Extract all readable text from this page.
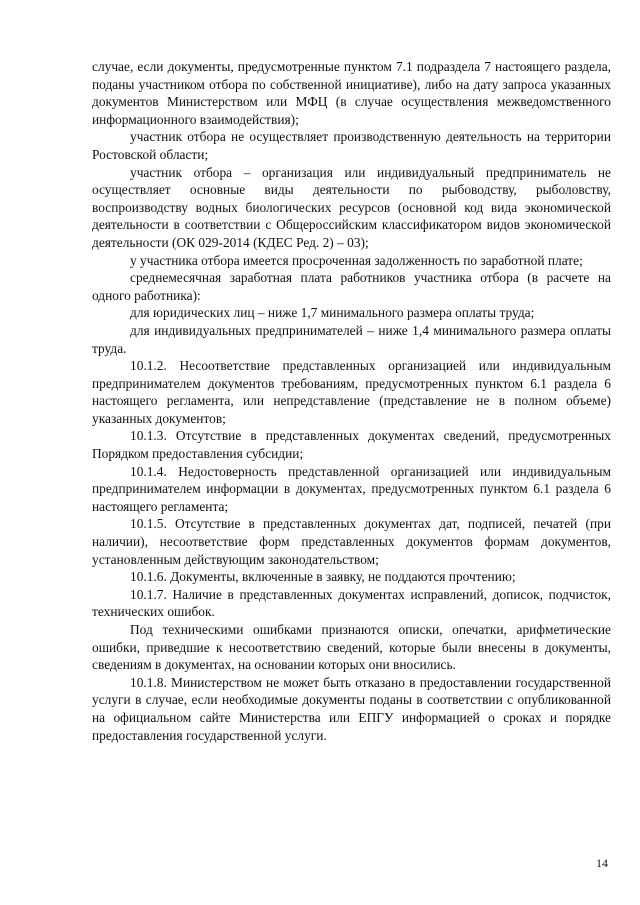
случае, если документы, предусмотренные пунктом 7.1 подраздела 7 настоящего раздела, поданы участником отбора по собственной инициативе), либо на дату запроса указанных документов Министерством или МФЦ (в случае осуществления межведомственного информационного взаимодействия);

участник отбора не осуществляет производственную деятельность на территории Ростовской области;

участник отбора – организация или индивидуальный предприниматель не осуществляет основные виды деятельности по рыбоводству, рыболовству, воспроизводству водных биологических ресурсов (основной код вида экономической деятельности в соответствии с Общероссийским классификатором видов экономической деятельности (ОК 029-2014 (КДЕС Ред. 2) – 03);

у участника отбора имеется просроченная задолженность по заработной плате;

среднемесячная заработная плата работников участника отбора (в расчете на одного работника):

для юридических лиц – ниже 1,7 минимального размера оплаты труда;

для индивидуальных предпринимателей – ниже 1,4 минимального размера оплаты труда.

10.1.2. Несоответствие представленных организацией или индивидуальным предпринимателем документов требованиям, предусмотренных пунктом 6.1 раздела 6 настоящего регламента, или непредставление (представление не в полном объеме) указанных документов;

10.1.3. Отсутствие в представленных документах сведений, предусмотренных Порядком предоставления субсидии;

10.1.4. Недостоверность представленной организацией или индивидуальным предпринимателем информации в документах, предусмотренных пунктом 6.1 раздела 6 настоящего регламента;

10.1.5. Отсутствие в представленных документах дат, подписей, печатей (при наличии), несоответствие форм представленных документов формам документов, установленным действующим законодательством;

10.1.6. Документы, включенные в заявку, не поддаются прочтению;

10.1.7. Наличие в представленных документах исправлений, дописок, подчисток, технических ошибок.

Под техническими ошибками признаются описки, опечатки, арифметические ошибки, приведшие к несоответствию сведений, которые были внесены в документы, сведениям в документах, на основании которых они вносились.

10.1.8. Министерством не может быть отказано в предоставлении государственной услуги в случае, если необходимые документы поданы в соответствии с опубликованной на официальном сайте Министерства или ЕПГУ информацией о сроках и порядке предоставления государственной услуги.

14
